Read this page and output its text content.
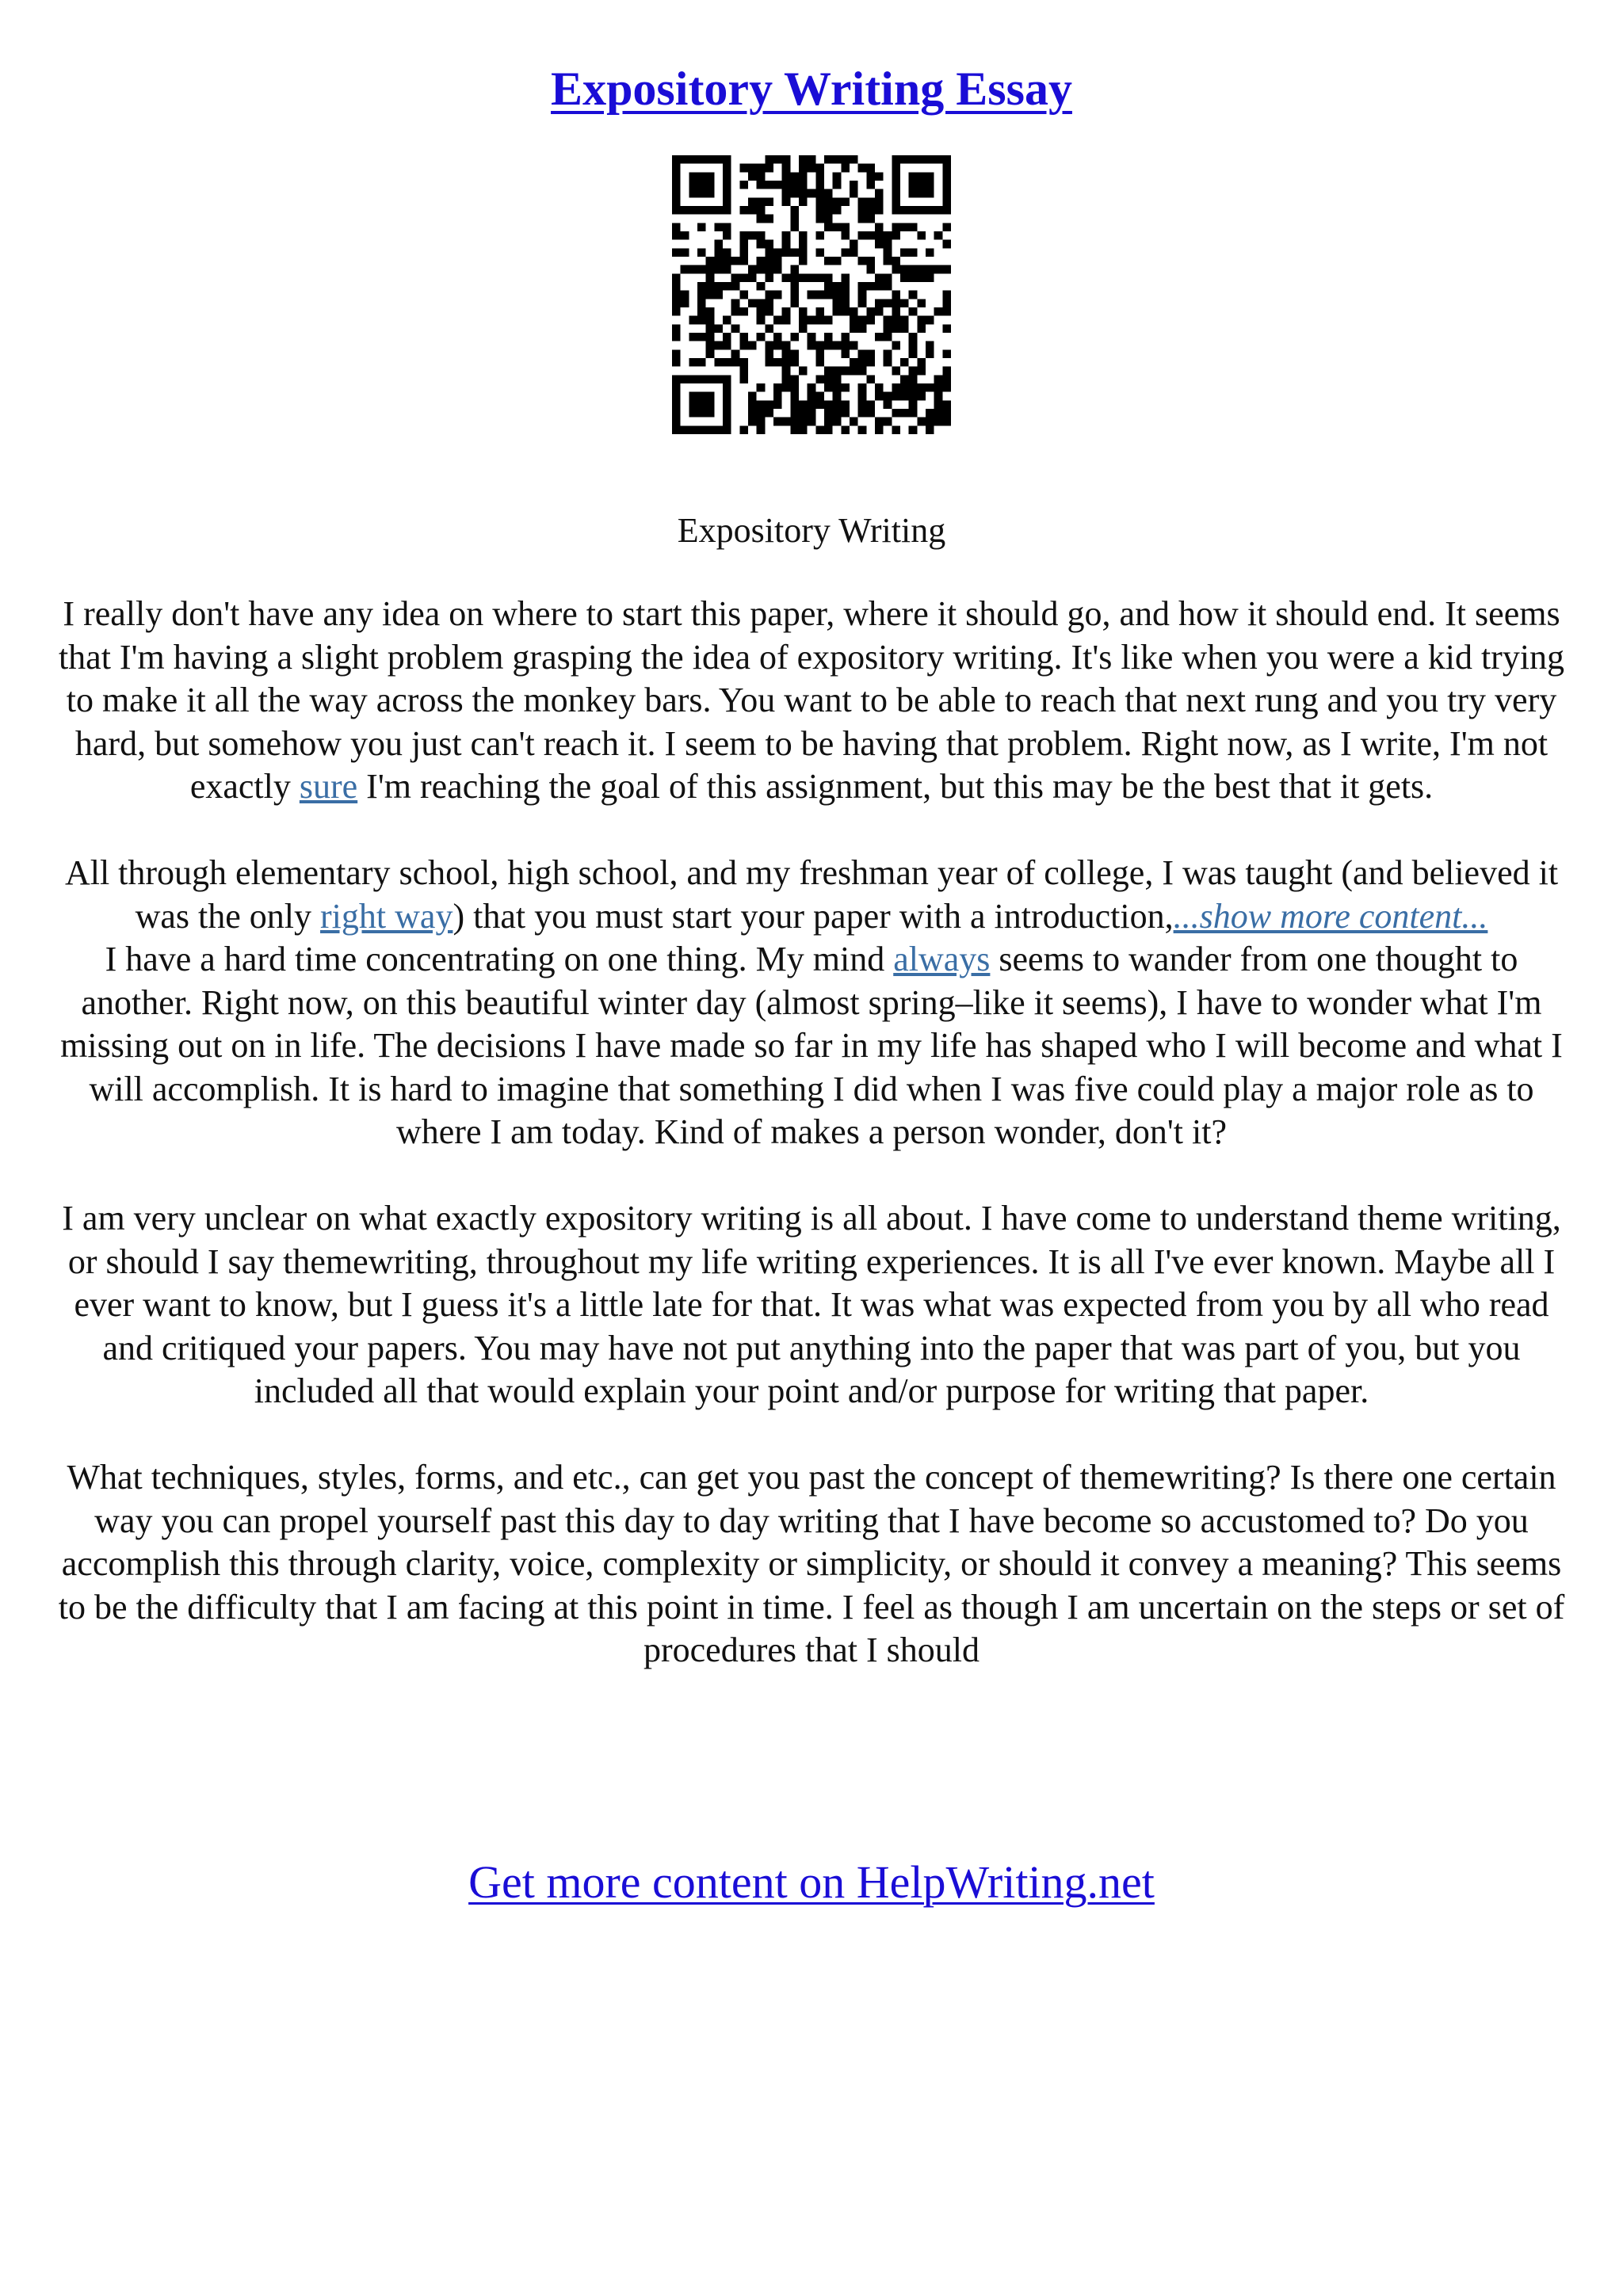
Expository Writing Essay

Expository Writing

I really don't have any idea on where to start this paper, where it should go, and how it should end. It seems that I'm having a slight problem grasping the idea of expository writing. It's like when you were a kid trying to make it all the way across the monkey bars. You want to be able to reach that next rung and you try very hard, but somehow you just can't reach it. I seem to be having that problem. Right now, as I write, I'm not exactly sure I'm reaching the goal of this assignment, but this may be the best that it gets.

All through elementary school, high school, and my freshman year of college, I was taught (and believed it was the only right way) that you must start your paper with a introduction,...show more content...

I have a hard time concentrating on one thing. My mind always seems to wander from one thought to another. Right now, on this beautiful winter day (almost spring–like it seems), I have to wonder what I'm missing out on in life. The decisions I have made so far in my life has shaped who I will become and what I will accomplish. It is hard to imagine that something I did when I was five could play a major role as to where I am today. Kind of makes a person wonder, don't it?

I am very unclear on what exactly expository writing is all about. I have come to understand theme writing, or should I say themewriting, throughout my life writing experiences. It is all I've ever known. Maybe all I ever want to know, but I guess it's a little late for that. It was what was expected from you by all who read and critiqued your papers. You may have not put anything into the paper that was part of you, but you included all that would explain your point and/or purpose for writing that paper.

What techniques, styles, forms, and etc., can get you past the concept of themewriting? Is there one certain way you can propel yourself past this day to day writing that I have become so accustomed to? Do you accomplish this through clarity, voice, complexity or simplicity, or should it convey a meaning? This seems to be the difficulty that I am facing at this point in time. I feel as though I am uncertain on the steps or set of procedures that I should

Get more content on HelpWriting.net
